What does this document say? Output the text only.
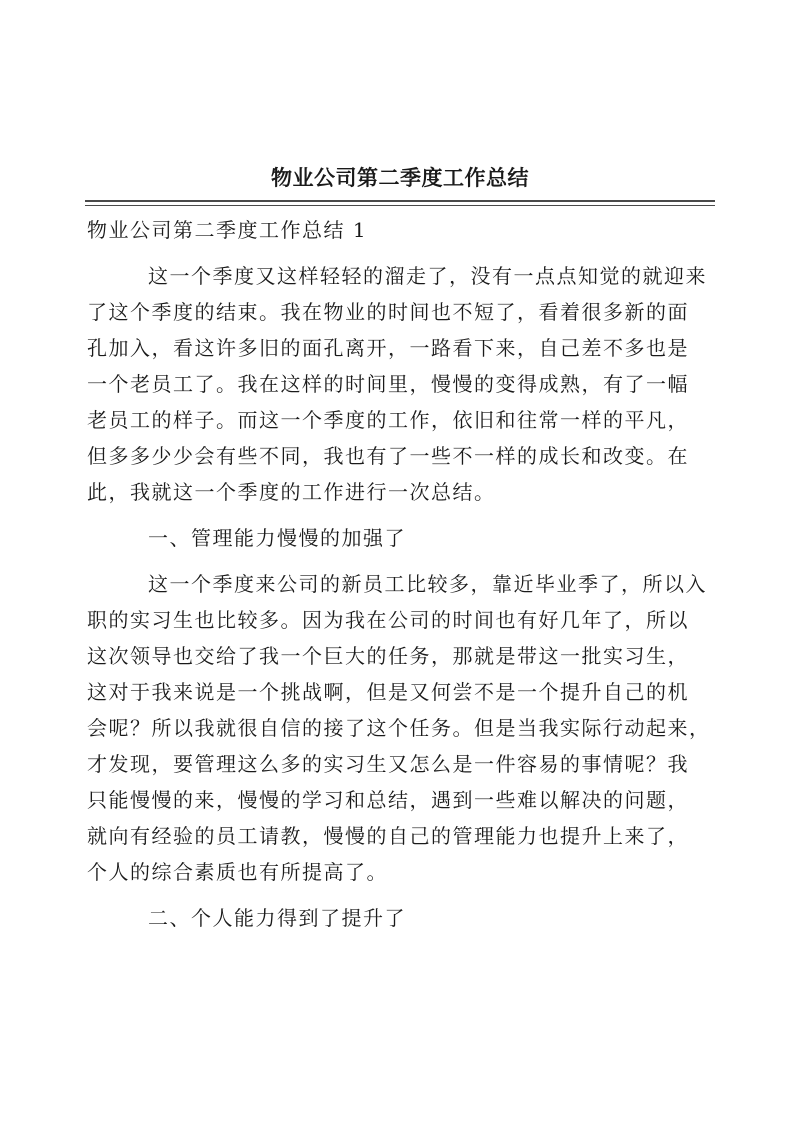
物业公司第二季度工作总结
物业公司第二季度工作总结 1
这一个季度又这样轻轻的溜走了，没有一点点知觉的就迎来
了这个季度的结束。我在物业的时间也不短了，看着很多新的面
孔加入，看这许多旧的面孔离开，一路看下来，自己差不多也是
一个老员工了。我在这样的时间里，慢慢的变得成熟，有了一幅
老员工的样子。而这一个季度的工作，依旧和往常一样的平凡，
但多多少少会有些不同，我也有了一些不一样的成长和改变。在
此，我就这一个季度的工作进行一次总结。
一、管理能力慢慢的加强了
这一个季度来公司的新员工比较多，靠近毕业季了，所以入
职的实习生也比较多。因为我在公司的时间也有好几年了，所以
这次领导也交给了我一个巨大的任务，那就是带这一批实习生，
这对于我来说是一个挑战啊，但是又何尝不是一个提升自己的机
会呢？所以我就很自信的接了这个任务。但是当我实际行动起来，
才发现，要管理这么多的实习生又怎么是一件容易的事情呢？我
只能慢慢的来，慢慢的学习和总结，遇到一些难以解决的问题，
就向有经验的员工请教，慢慢的自己的管理能力也提升上来了，
个人的综合素质也有所提高了。
二、个人能力得到了提升了
